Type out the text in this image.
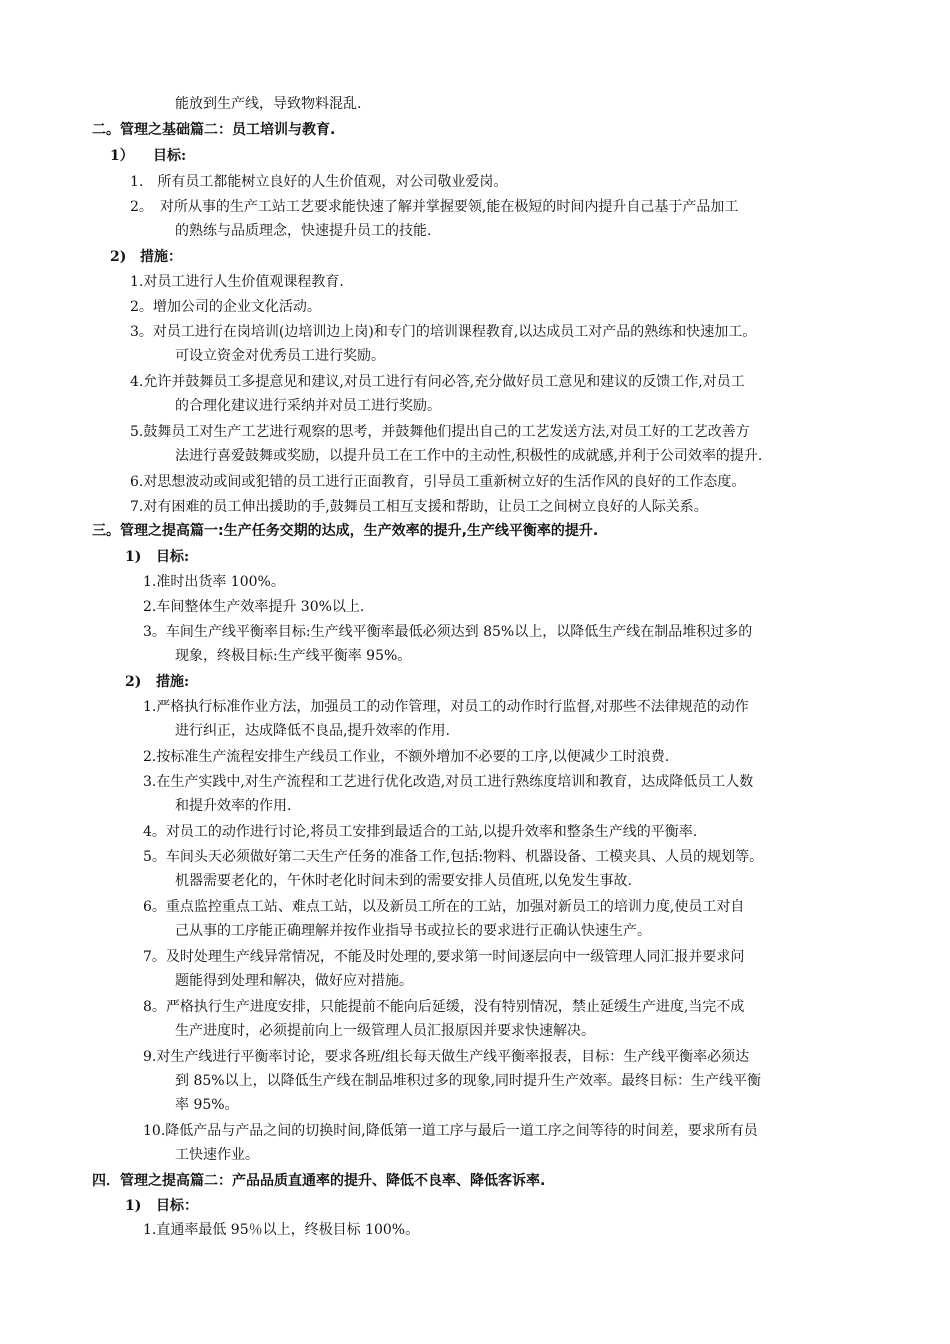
能放到生产线，导致物料混乱.
二。管理之基础篇二：员工培训与教育.
1） 目标:
1.　所有员工都能树立良好的人生价值观，对公司敬业爱岗。
2。　对所从事的生产工站工艺要求能快速了解并掌握要领,能在极短的时间内提升自己基于产品加工
的熟练与品质理念，快速提升员工的技能.
2) 措施：
1.对员工进行人生价值观课程教育.
2。增加公司的企业文化活动。
3。对员工进行在岗培训(边培训边上岗)和专门的培训课程教育,以达成员工对产品的熟练和快速加工。
可设立资金对优秀员工进行奖励。
4.允许并鼓舞员工多提意见和建议,对员工进行有问必答,充分做好员工意见和建议的反馈工作,对员工
的合理化建议进行采纳并对员工进行奖励。
5.鼓舞员工对生产工艺进行观察的思考，并鼓舞他们提出自己的工艺发送方法,对员工好的工艺改善方
法进行喜爱鼓舞或奖励，以提升员工在工作中的主动性,积极性的成就感,并利于公司效率的提升.
6.对思想波动或间或犯错的员工进行正面教育，引导员工重新树立好的生活作风的良好的工作态度。
7.对有困难的员工伸出援助的手,鼓舞员工相互支援和帮助，让员工之间树立良好的人际关系。
三。管理之提高篇一:生产任务交期的达成，生产效率的提升,生产线平衡率的提升.
1) 目标:
1.准时出货率 100%。
2.车间整体生产效率提升 30%以上.
3。车间生产线平衡率目标:生产线平衡率最低必须达到 85%以上，以降低生产线在制品堆积过多的
现象，终极目标:生产线平衡率 95%。
2) 措施:
1.严格执行标准作业方法，加强员工的动作管理，对员工的动作时行监督,对那些不法律规范的动作
进行纠正，达成降低不良品,提升效率的作用.
2.按标准生产流程安排生产线员工作业，不额外增加不必要的工序,以便减少工时浪费.
3.在生产实践中,对生产流程和工艺进行优化改造,对员工进行熟练度培训和教育，达成降低员工人数
和提升效率的作用.
4。对员工的动作进行讨论,将员工安排到最适合的工站,以提升效率和整条生产线的平衡率.
5。车间头天必须做好第二天生产任务的准备工作,包括:物料、机器设备、工模夹具、人员的规划等。
机器需要老化的，午休时老化时间未到的需要安排人员值班,以免发生事故.
6。重点监控重点工站、难点工站，以及新员工所在的工站，加强对新员工的培训力度,使员工对自
己从事的工序能正确理解并按作业指导书或拉长的要求进行正确认快速生产。
7。及时处理生产线异常情况，不能及时处理的,要求第一时间逐层向中一级管理人同汇报并要求问
题能得到处理和解决，做好应对措施。
8。严格执行生产进度安排，只能提前不能向后延缓，没有特别情况，禁止延缓生产进度,当完不成
生产进度时，必须提前向上一级管理人员汇报原因并要求快速解决。
9.对生产线进行平衡率讨论，要求各班/组长每天做生产线平衡率报表，目标：生产线平衡率必须达
到 85%以上，以降低生产线在制品堆积过多的现象,同时提升生产效率。最终目标：生产线平衡
率 95%。
10.降低产品与产品之间的切换时间,降低第一道工序与最后一道工序之间等待的时间差，要求所有员
工快速作业。
四．管理之提高篇二：产品品质直通率的提升、降低不良率、降低客诉率.
1) 目标：
1.直通率最低 95％以上，终极目标 100%。
